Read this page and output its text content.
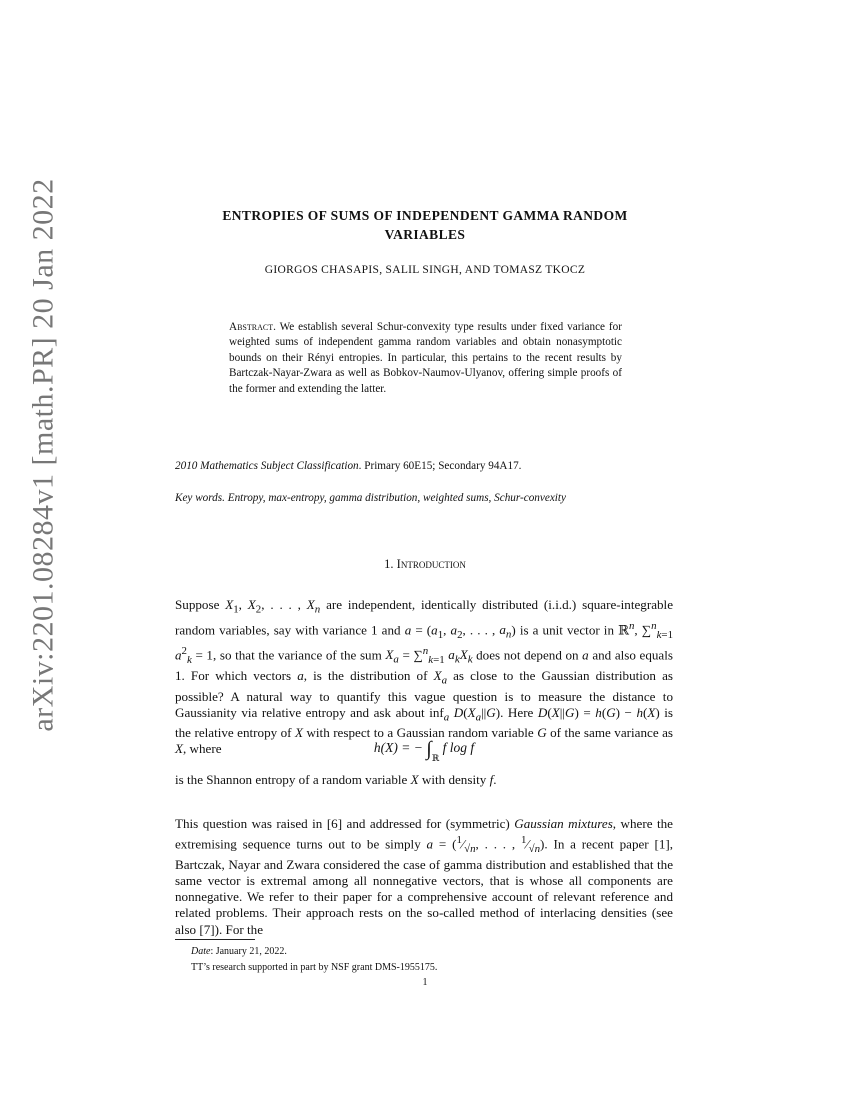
arXiv:2201.08284v1 [math.PR] 20 Jan 2022	ENTROPIES OF SUMS OF INDEPENDENT GAMMA RANDOM
VARIABLES
GIORGOS CHASAPIS, SALIL SINGH, AND TOMASZ TKOCZ
Abstract. We establish several Schur-convexity type results under fixed variance for weighted sums of independent gamma random variables and obtain nonasymptotic bounds on their Rényi entropies. In particular, this pertains to the recent results by Bartczak-Nayar-Zwara as well as Bobkov-Naumov-Ulyanov, offering simple proofs of the former and extending the latter.
2010 Mathematics Subject Classification. Primary 60E15; Secondary 94A17.
Key words. Entropy, max-entropy, gamma distribution, weighted sums, Schur-convexity
1. Introduction
Suppose $X_1$, $X_2$, . . . , $X_n$ are independent, identically distributed (i.i.d.) square-integrable random variables, say with variance 1 and $a = (a_1$, $a_2$, . . . , $a_n$) is a unit vector in ℝ$^n$, ∑$^n_{k=1}$ $a^2_k = 1$, so that the variance of the sum $X_a = \sum^n_{k=1}$ $a_kX_k$ does not depend on a and also equals 1. For which vectors a, is the distribution of $X_a$ as close to the Gaussian distribution as possible? A natural way to quantify this vague question is to measure the distance to Gaussianity via relative entropy and ask about inf$_a$ $D(X_a||G)$. Here D(X||G) = h(G) − h(X) is the relative entropy of X with respect to a Gaussian random variable G of the same variance as X, where	h(X) = − $\int_ℝ$ f log f
is the Shannon entropy of a random variable X with density f.
This question was raised in [6] and addressed for (symmetric) Gaussian mixtures, where the extremising sequence turns out to be simply $a = (^1⁄_{√n}$, . . . , $^1⁄_{√n}$). In a recent paper [1], Bartczak, Nayar and Zwara considered the case of gamma distribution and established that the same vector is extremal among all nonnegative vectors, that is whose all components are nonnegative. We refer to their paper for a comprehensive account of relevant reference and related problems. Their approach rests on the so-called method of interlacing densities (see also [7]). For the
Date: January 21, 2022.
TT’s research supported in part by NSF grant DMS-1955175.
1
